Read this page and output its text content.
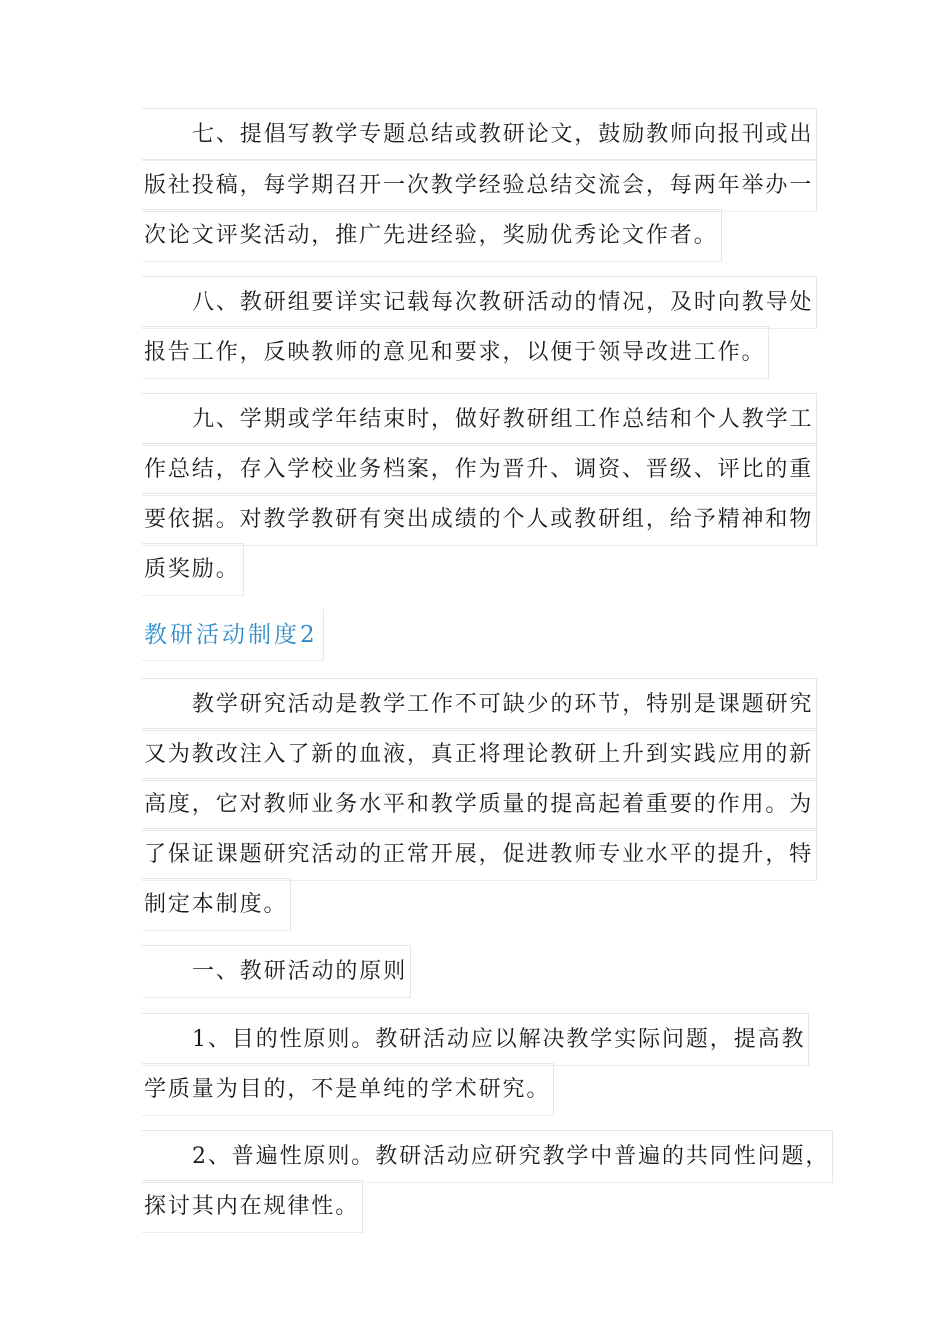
七、提倡写教学专题总结或教研论文，鼓励教师向报刊或出
版社投稿，每学期召开一次教学经验总结交流会，每两年举办一
次论文评奖活动，推广先进经验，奖励优秀论文作者。
八、教研组要详实记载每次教研活动的情况，及时向教导处
报告工作，反映教师的意见和要求，以便于领导改进工作。
九、学期或学年结束时，做好教研组工作总结和个人教学工
作总结，存入学校业务档案，作为晋升、调资、晋级、评比的重
要依据。对教学教研有突出成绩的个人或教研组，给予精神和物
质奖励。
教研活动制度2
教学研究活动是教学工作不可缺少的环节，特别是课题研究
又为教改注入了新的血液，真正将理论教研上升到实践应用的新
高度，它对教师业务水平和教学质量的提高起着重要的作用。为
了保证课题研究活动的正常开展，促进教师专业水平的提升，特
制定本制度。
一、教研活动的原则
1、目的性原则。教研活动应以解决教学实际问题，提高教
学质量为目的，不是单纯的学术研究。
2、普遍性原则。教研活动应研究教学中普遍的共同性问题，
探讨其内在规律性。
